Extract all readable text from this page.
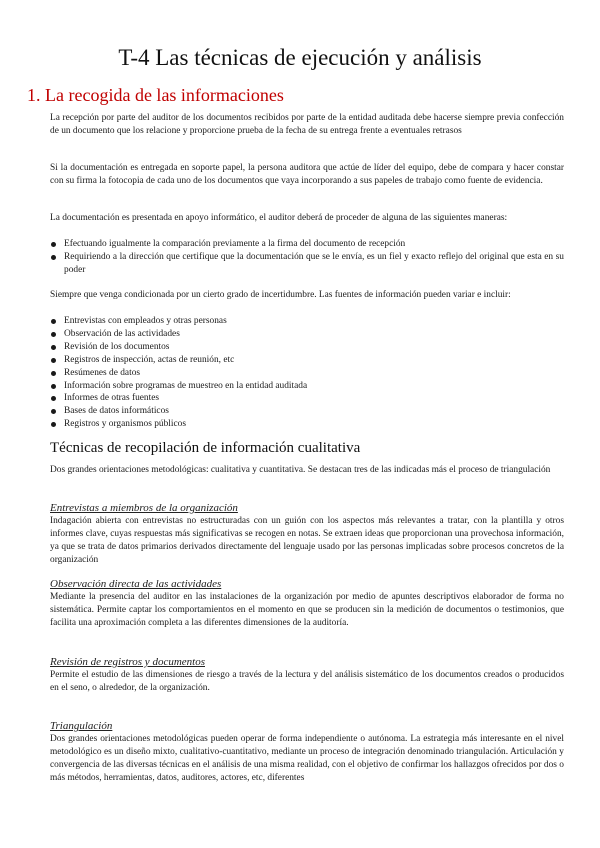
T-4 Las técnicas de ejecución y análisis
1. La recogida de las informaciones

La recepción por parte del auditor de los documentos recibidos por parte de la entidad auditada debe hacerse siempre previa confección de un documento que los relacione y proporcione prueba de la fecha de su entrega frente a eventuales retrasos

Si la documentación es entregada en soporte papel, la persona auditora que actúe de líder del equipo, debe de compara y hacer constar con su firma la fotocopia de cada uno de los documentos que vaya incorporando a sus papeles de trabajo como fuente de evidencia.

La documentación es presentada en apoyo informático, el auditor deberá de proceder de alguna de las siguientes maneras:

Efectuando igualmente la comparación previamente a la firma del documento de recepción
Requiriendo a la dirección que certifique que la documentación que se le envía, es un fiel y exacto reflejo del original que esta en su poder

Siempre que venga condicionada por un cierto grado de incertidumbre. Las fuentes de información pueden variar e incluir:

Entrevistas con empleados y otras personas
Observación de las actividades
Revisión de los documentos
Registros de inspección, actas de reunión, etc
Resúmenes de datos
Información sobre programas de muestreo en la entidad auditada
Informes de otras fuentes
Bases de datos informáticos
Registros y organismos públicos
Técnicas de recopilación de información cualitativa

Dos grandes orientaciones metodológicas: cualitativa y cuantitativa. Se destacan tres de las indicadas más el proceso de triangulación

Entrevistas a miembros de la organización

Indagación abierta con entrevistas no estructuradas con un guión con los aspectos más relevantes a tratar, con la plantilla y otros informes clave, cuyas respuestas más significativas se recogen en notas. Se extraen ideas que proporcionan una provechosa información, ya que se trata de datos primarios derivados directamente del lenguaje usado por las personas implicadas sobre procesos concretos de la organización

Observación directa de las actividades

Mediante la presencia del auditor en las instalaciones de la organización por medio de apuntes descriptivos elaborador de forma no sistemática. Permite captar los comportamientos en el momento en que se producen sin la medición de documentos o testimonios, que facilita una aproximación completa a las diferentes dimensiones de la auditoría.

Revisión de registros y documentos

Permite el estudio de las dimensiones de riesgo a través de la lectura y del análisis sistemático de los documentos creados o producidos en el seno, o alrededor, de la organización.

Triangulación

Dos grandes orientaciones metodológicas pueden operar de forma independiente o autónoma. La estrategia más interesante en el nivel metodológico es un diseño mixto, cualitativo-cuantitativo, mediante un proceso de integración denominado triangulación. Articulación y convergencia de las diversas técnicas en el análisis de una misma realidad, con el objetivo de confirmar los hallazgos ofrecidos por dos o más métodos, herramientas, datos, auditores, actores, etc, diferentes
